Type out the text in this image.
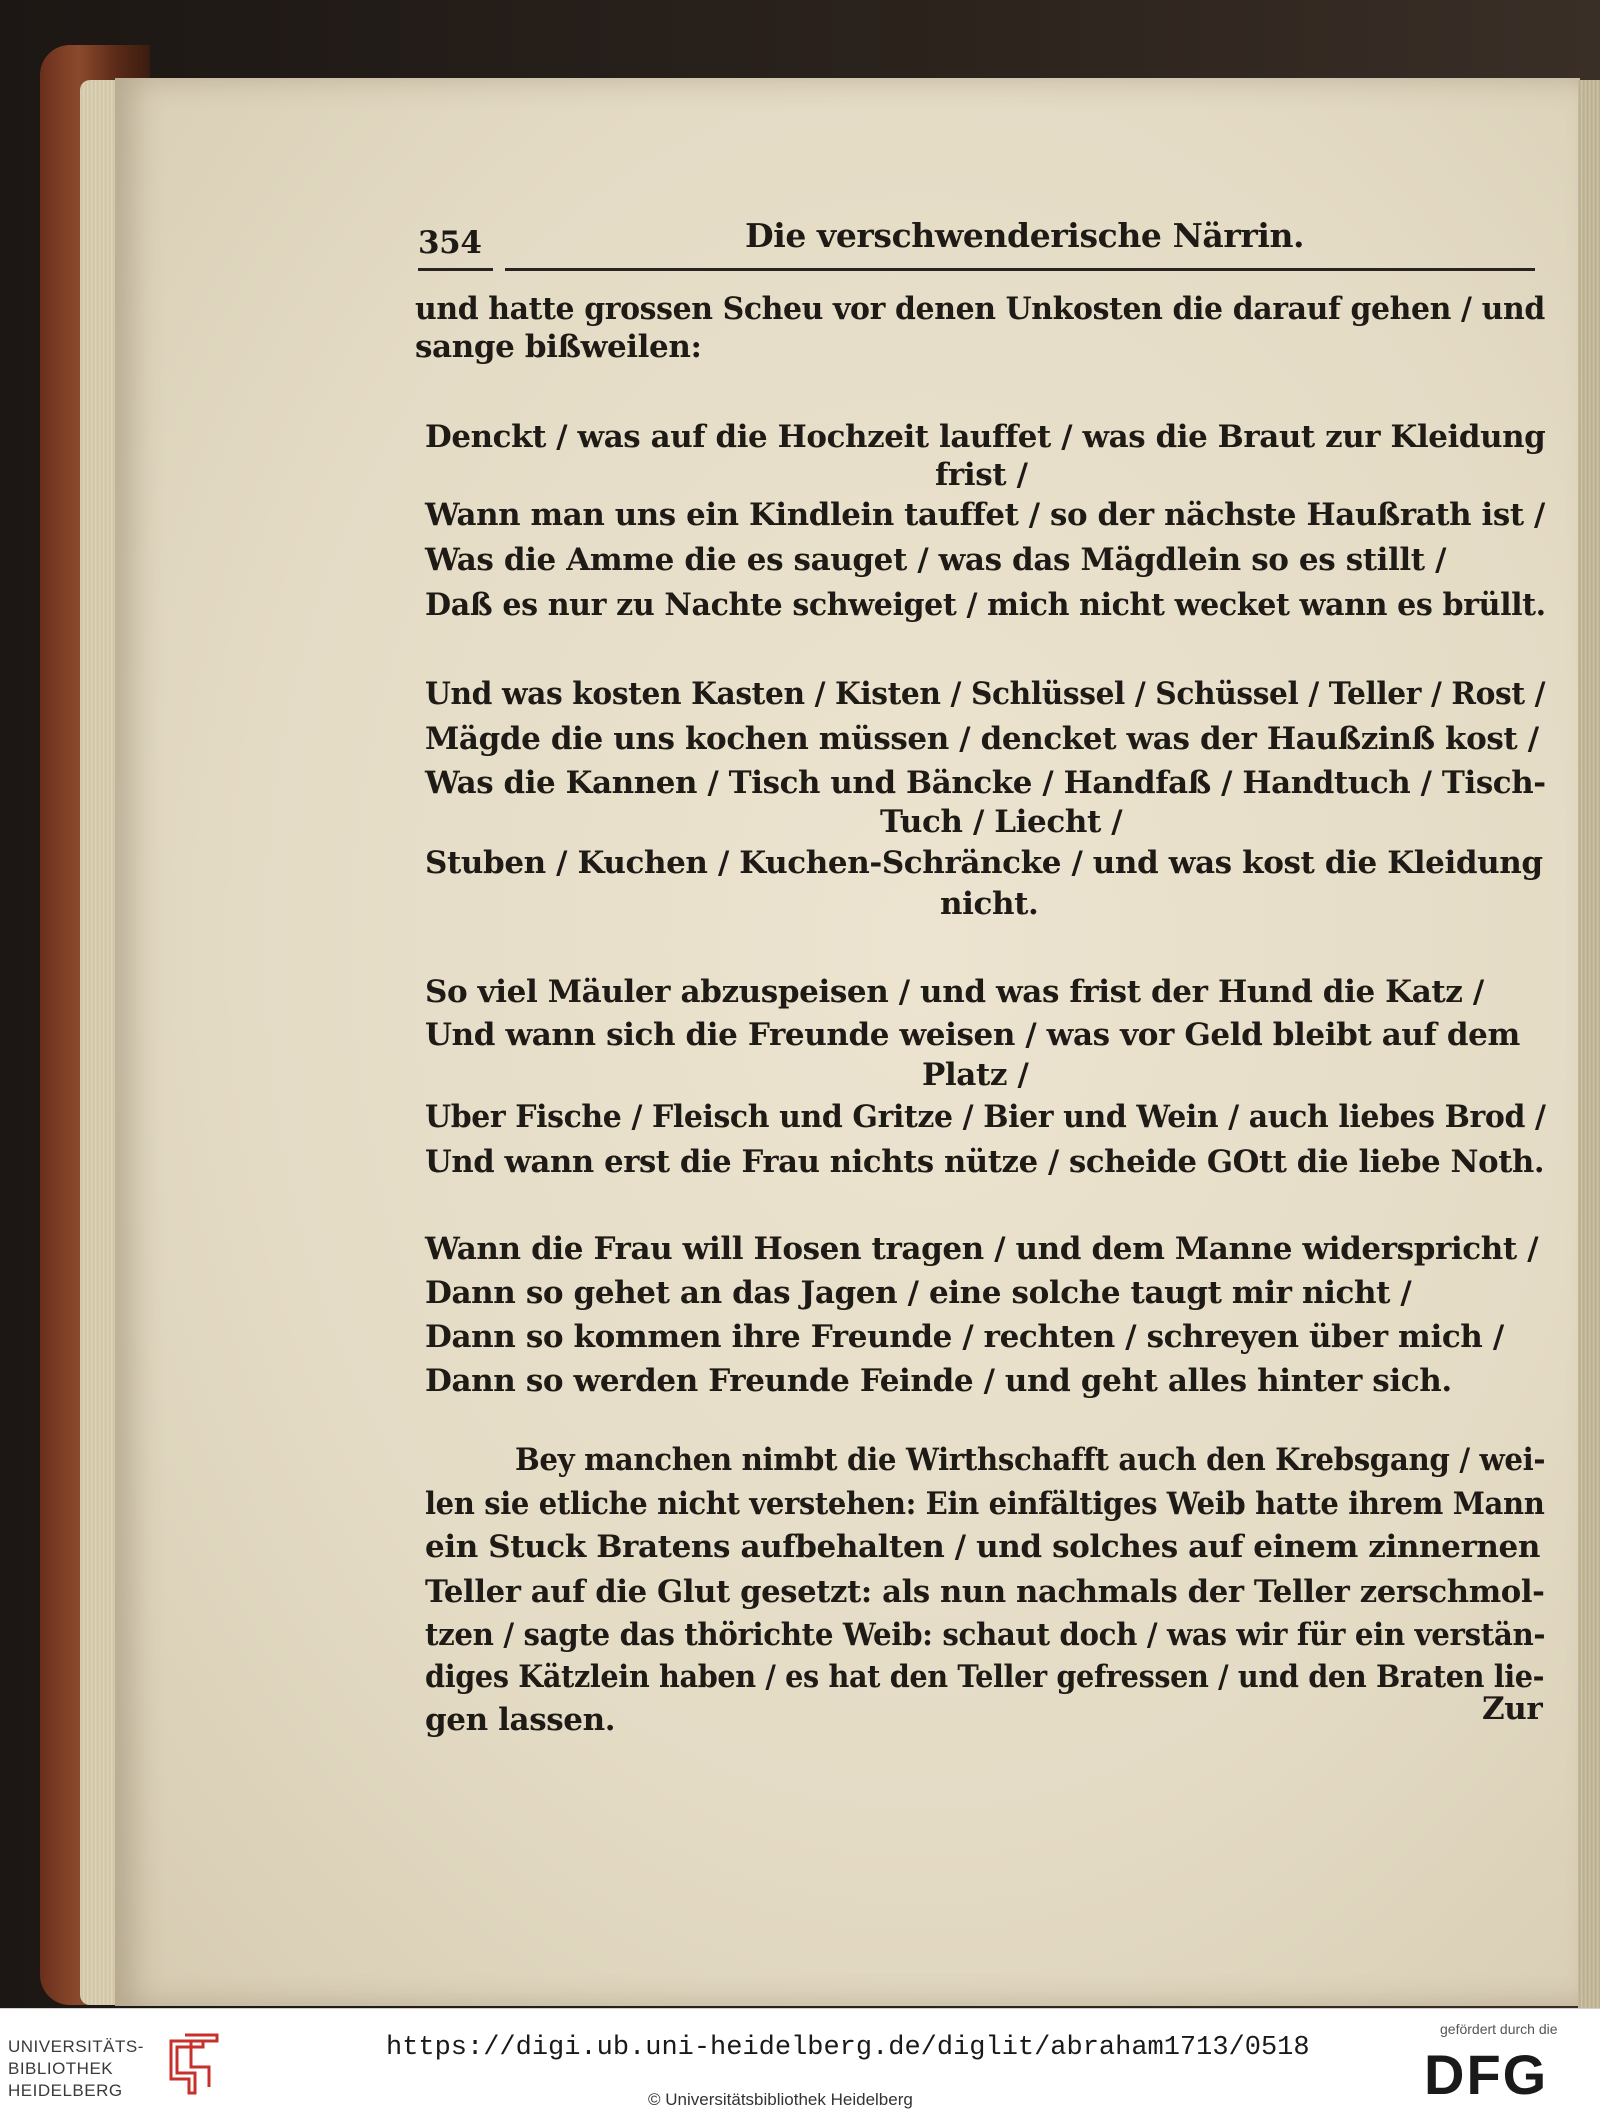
354	Die verschwenderische Närrin.

und hatte grossen Scheu vor denen Unkosten die darauf gehen / und

sange bißweilen:

Denckt / was auf die Hochzeit lauffet / was die Braut zur Kleidung

frist /

Wann man uns ein Kindlein tauffet / so der nächste Haußrath ist /

Was die Amme die es sauget / was das Mägdlein so es stillt /

Daß es nur zu Nachte schweiget / mich nicht wecket wann es brüllt.

Und was kosten Kasten / Kisten / Schlüssel / Schüssel / Teller / Rost /

Mägde die uns kochen müssen / dencket was der Haußzinß kost /

Was die Kannen / Tisch und Bäncke / Handfaß / Handtuch / Tisch-

Tuch / Liecht /

Stuben / Kuchen / Kuchen-Schräncke / und was kost die Kleidung

nicht.

So viel Mäuler abzuspeisen / und was frist der Hund die Katz /

Und wann sich die Freunde weisen / was vor Geld bleibt auf dem

Platz /

Uber Fische / Fleisch und Gritze / Bier und Wein / auch liebes Brod /

Und wann erst die Frau nichts nütze / scheide GOtt die liebe Noth.

Wann die Frau will Hosen tragen / und dem Manne widerspricht /

Dann so gehet an das Jagen / eine solche taugt mir nicht /

Dann so kommen ihre Freunde / rechten / schreyen über mich /

Dann so werden Freunde Feinde / und geht alles hinter sich.

Bey manchen nimbt die Wirthschafft auch den Krebsgang / wei-

len sie etliche nicht verstehen: Ein einfältiges Weib hatte ihrem Mann

ein Stuck Bratens aufbehalten / und solches auf einem zinnernen

Teller auf die Glut gesetzt: als nun nachmals der Teller zerschmol-

tzen / sagte das thörichte Weib: schaut doch / was wir für ein verstän-

diges Kätzlein haben / es hat den Teller gefressen / und den Braten lie-

gen lassen.	Zur

UNIVERSITÄTS-

BIBLIOTHEK

HEIDELBERG

https://digi.ub.uni-heidelberg.de/diglit/abraham1713/0518

© Universitätsbibliothek Heidelberg

gefördert durch die

DFG
